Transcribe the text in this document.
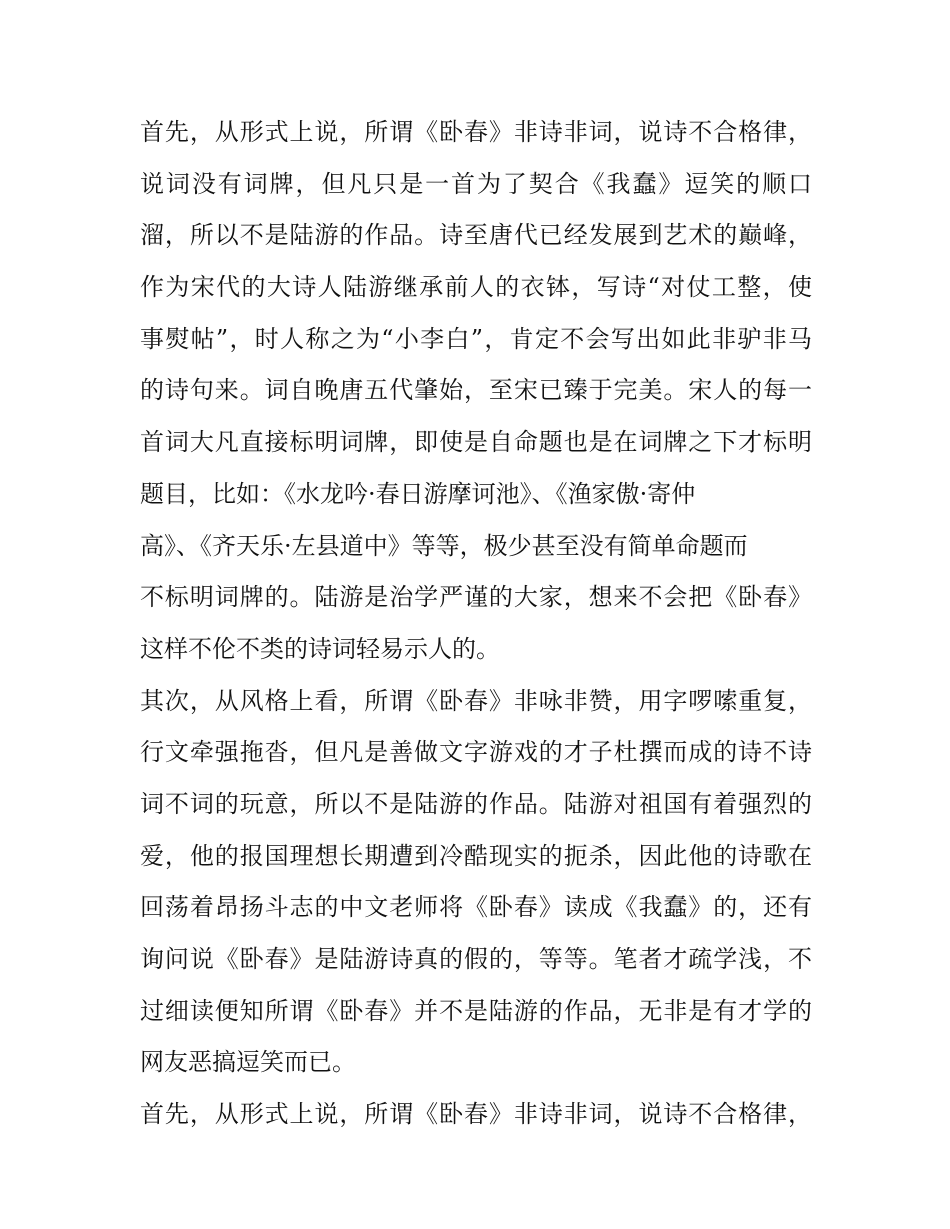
首先，从形式上说，所谓《卧春》非诗非词，说诗不合格律，
说词没有词牌，但凡只是一首为了契合《我蠢》逗笑的顺口
溜，所以不是陆游的作品。诗至唐代已经发展到艺术的巅峰，
作为宋代的大诗人陆游继承前人的衣钵，写诗“对仗工整，使
事熨帖”，时人称之为“小李白”，肯定不会写出如此非驴非马
的诗句来。词自晚唐五代肇始，至宋已臻于完美。宋人的每一
首词大凡直接标明词牌，即使是自命题也是在词牌之下才标明
题目，比如：《水龙吟·春日游摩诃池》、《渔家傲·寄仲
高》、《齐天乐·左县道中》等等，极少甚至没有简单命题而
不标明词牌的。陆游是治学严谨的大家，想来不会把《卧春》
这样不伦不类的诗词轻易示人的。
其次，从风格上看，所谓《卧春》非咏非赞，用字啰嗦重复，
行文牵强拖沓，但凡是善做文字游戏的才子杜撰而成的诗不诗
词不词的玩意，所以不是陆游的作品。陆游对祖国有着强烈的
爱，他的报国理想长期遭到冷酷现实的扼杀，因此他的诗歌在
回荡着昂扬斗志的中文老师将《卧春》读成《我蠢》的，还有
询问说《卧春》是陆游诗真的假的，等等。笔者才疏学浅，不
过细读便知所谓《卧春》并不是陆游的作品，无非是有才学的
网友恶搞逗笑而已。
首先，从形式上说，所谓《卧春》非诗非词，说诗不合格律，
